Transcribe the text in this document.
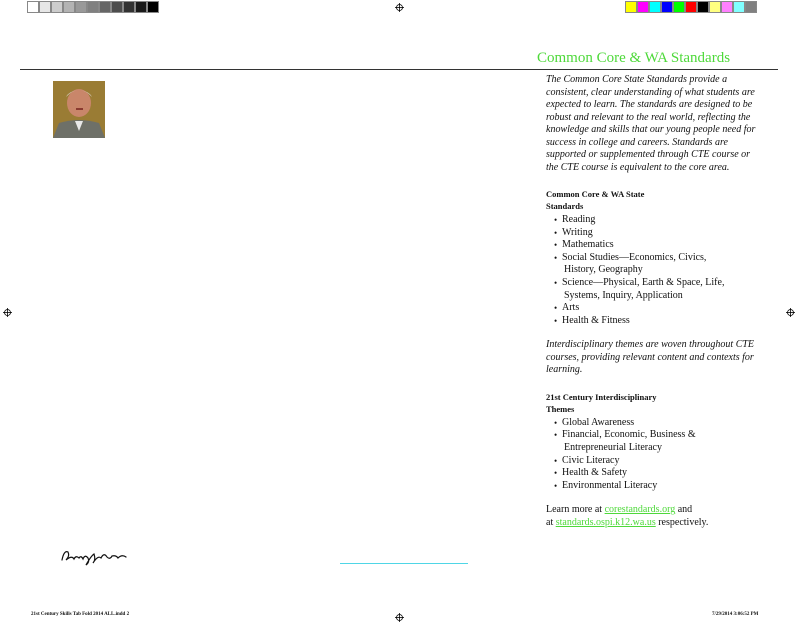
Common Core & WA Standards

The Common Core State Standards provide a consistent, clear understanding of what students are expected to learn. The standards are designed to be robust and relevant to the real world, reflecting the knowledge and skills that our young people need for success in college and careers. Standards are supported or supplemented through CTE course or the CTE course is equivalent to the core area.

Common Core & WA State
Standards

• Reading
• Writing
• Mathematics
• Social Studies—Economics, Civics,
History, Geography
• Science—Physical, Earth & Space, Life,
Systems, Inquiry, Application
• Arts
• Health & Fitness

Interdisciplinary themes are woven throughout CTE courses, providing relevant content and contexts for learning.

21st Century Interdisciplinary
Themes

• Global Awareness
• Financial, Economic, Business &
Entrepreneurial Literacy
• Civic Literacy
• Health & Safety
• Environmental Literacy

Learn more at corestandards.org and
at standards.ospi.k12.wa.us respectively.

21st Century Skills Tab Fold 2014 ALL.indd 2	7/29/2014 3:06:52 PM
